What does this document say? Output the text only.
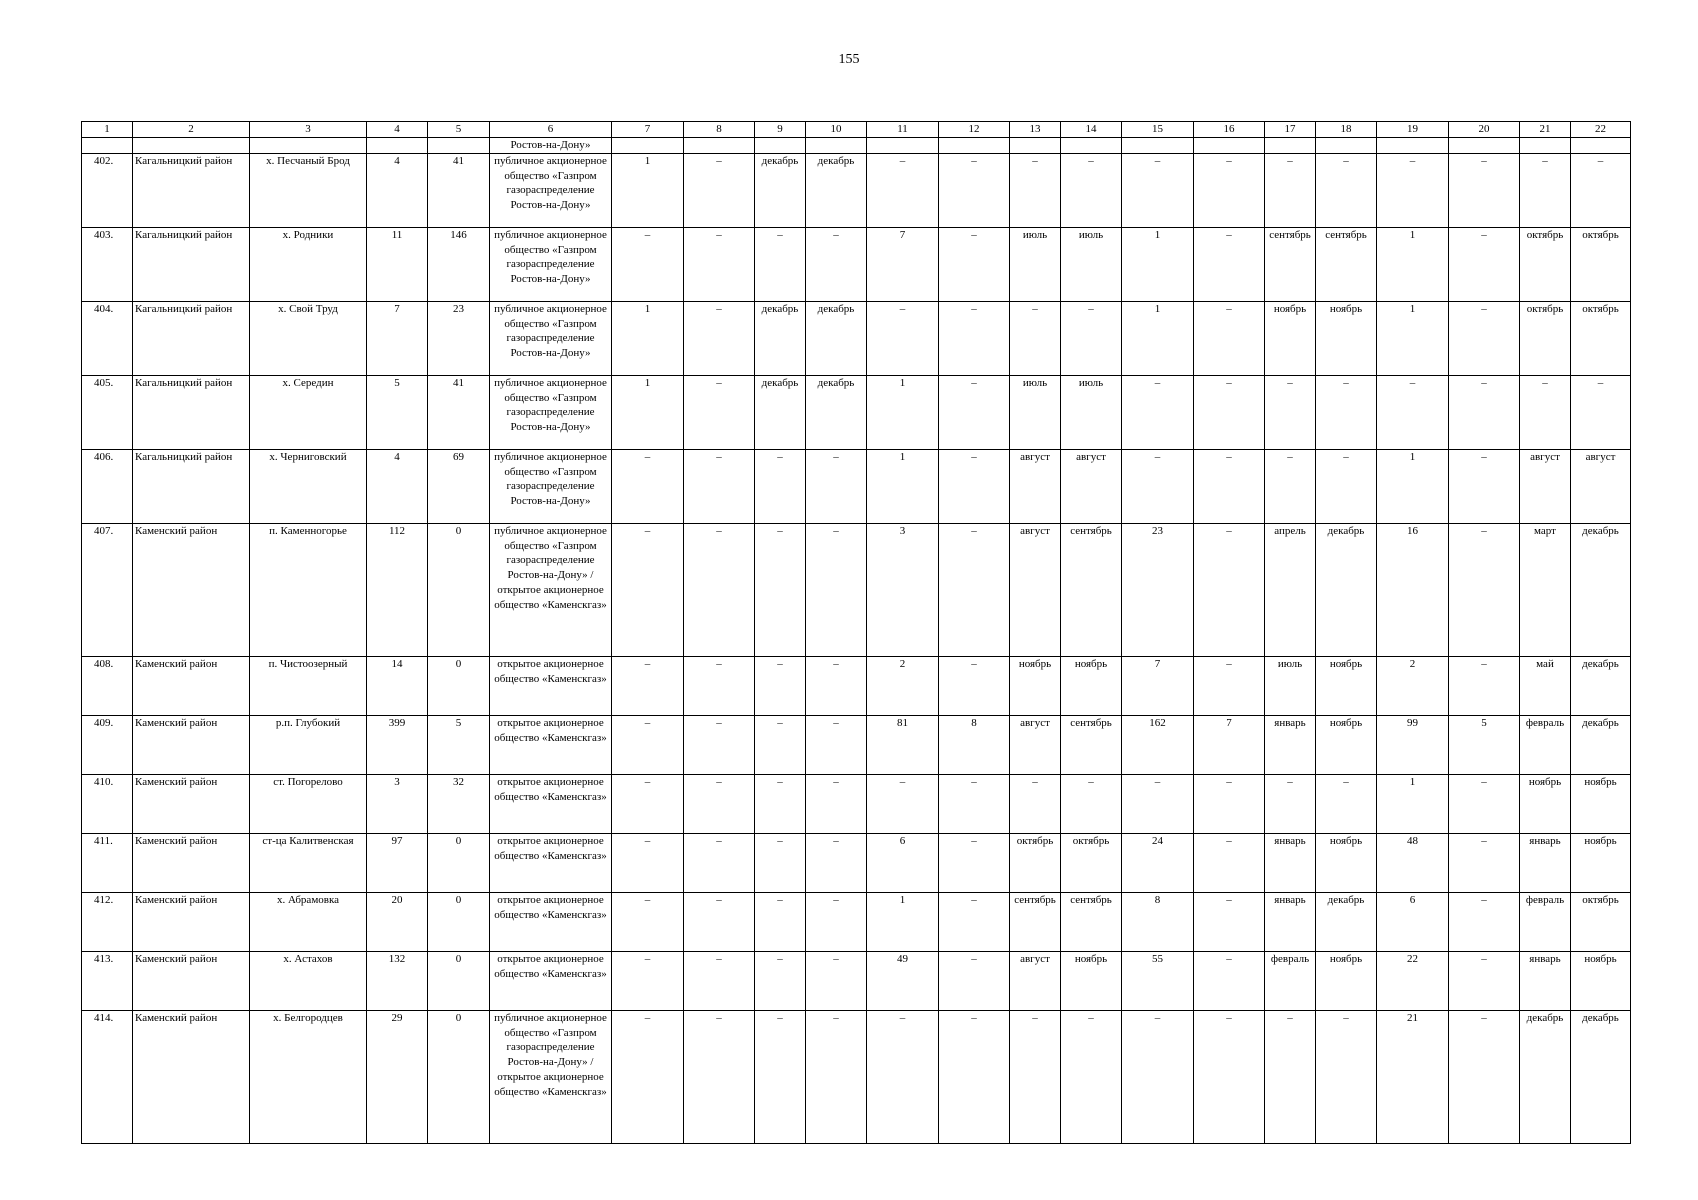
155
1	2	3	4	5	6	7	8	9	10	11	12	13	14	15	16	17	18	19	20	21	22
					Ростов-на-Дону»																
402.	Кагальницкий район	х. Песчаный Брод	4	41	публичное акционерное общество «Газпром газораспределение Ростов-на-Дону»	1	–	декабрь	декабрь	–	–	–	–	–	–	–	–	–	–	–	–
403.	Кагальницкий район	х. Родники	11	146	публичное акционерное общество «Газпром газораспределение Ростов-на-Дону»	–	–	–	–	7	–	июль	июль	1	–	сентябрь	сентябрь	1	–	октябрь	октябрь
404.	Кагальницкий район	х. Свой Труд	7	23	публичное акционерное общество «Газпром газораспределение Ростов-на-Дону»	1	–	декабрь	декабрь	–	–	–	–	1	–	ноябрь	ноябрь	1	–	октябрь	октябрь
405.	Кагальницкий район	х. Середин	5	41	публичное акционерное общество «Газпром газораспределение Ростов-на-Дону»	1	–	декабрь	декабрь	1	–	июль	июль	–	–	–	–	–	–	–	–
406.	Кагальницкий район	х. Черниговский	4	69	публичное акционерное общество «Газпром газораспределение Ростов-на-Дону»	–	–	–	–	1	–	август	август	–	–	–	–	1	–	август	август
407.	Каменский район	п. Каменногорье	112	0	публичное акционерное общество «Газпром газораспределение Ростов-на-Дону» / открытое акционерное общество «Каменскгаз»	–	–	–	–	3	–	август	сентябрь	23	–	апрель	декабрь	16	–	март	декабрь
408.	Каменский район	п. Чистоозерный	14	0	открытое акционерное общество «Каменскгаз»	–	–	–	–	2	–	ноябрь	ноябрь	7	–	июль	ноябрь	2	–	май	декабрь
409.	Каменский район	р.п. Глубокий	399	5	открытое акционерное общество «Каменскгаз»	–	–	–	–	81	8	август	сентябрь	162	7	январь	ноябрь	99	5	февраль	декабрь
410.	Каменский район	ст. Погорелово	3	32	открытое акционерное общество «Каменскгаз»	–	–	–	–	–	–	–	–	–	–	–	–	1	–	ноябрь	ноябрь
411.	Каменский район	ст-ца Калитвенская	97	0	открытое акционерное общество «Каменскгаз»	–	–	–	–	6	–	октябрь	октябрь	24	–	январь	ноябрь	48	–	январь	ноябрь
412.	Каменский район	х. Абрамовка	20	0	открытое акционерное общество «Каменскгаз»	–	–	–	–	1	–	сентябрь	сентябрь	8	–	январь	декабрь	6	–	февраль	октябрь
413.	Каменский район	х. Астахов	132	0	открытое акционерное общество «Каменскгаз»	–	–	–	–	49	–	август	ноябрь	55	–	февраль	ноябрь	22	–	январь	ноябрь
414.	Каменский район	х. Белгородцев	29	0	публичное акционерное общество «Газпром газораспределение Ростов-на-Дону» / открытое акционерное общество «Каменскгаз»	–	–	–	–	–	–	–	–	–	–	–	–	21	–	декабрь	декабрь
